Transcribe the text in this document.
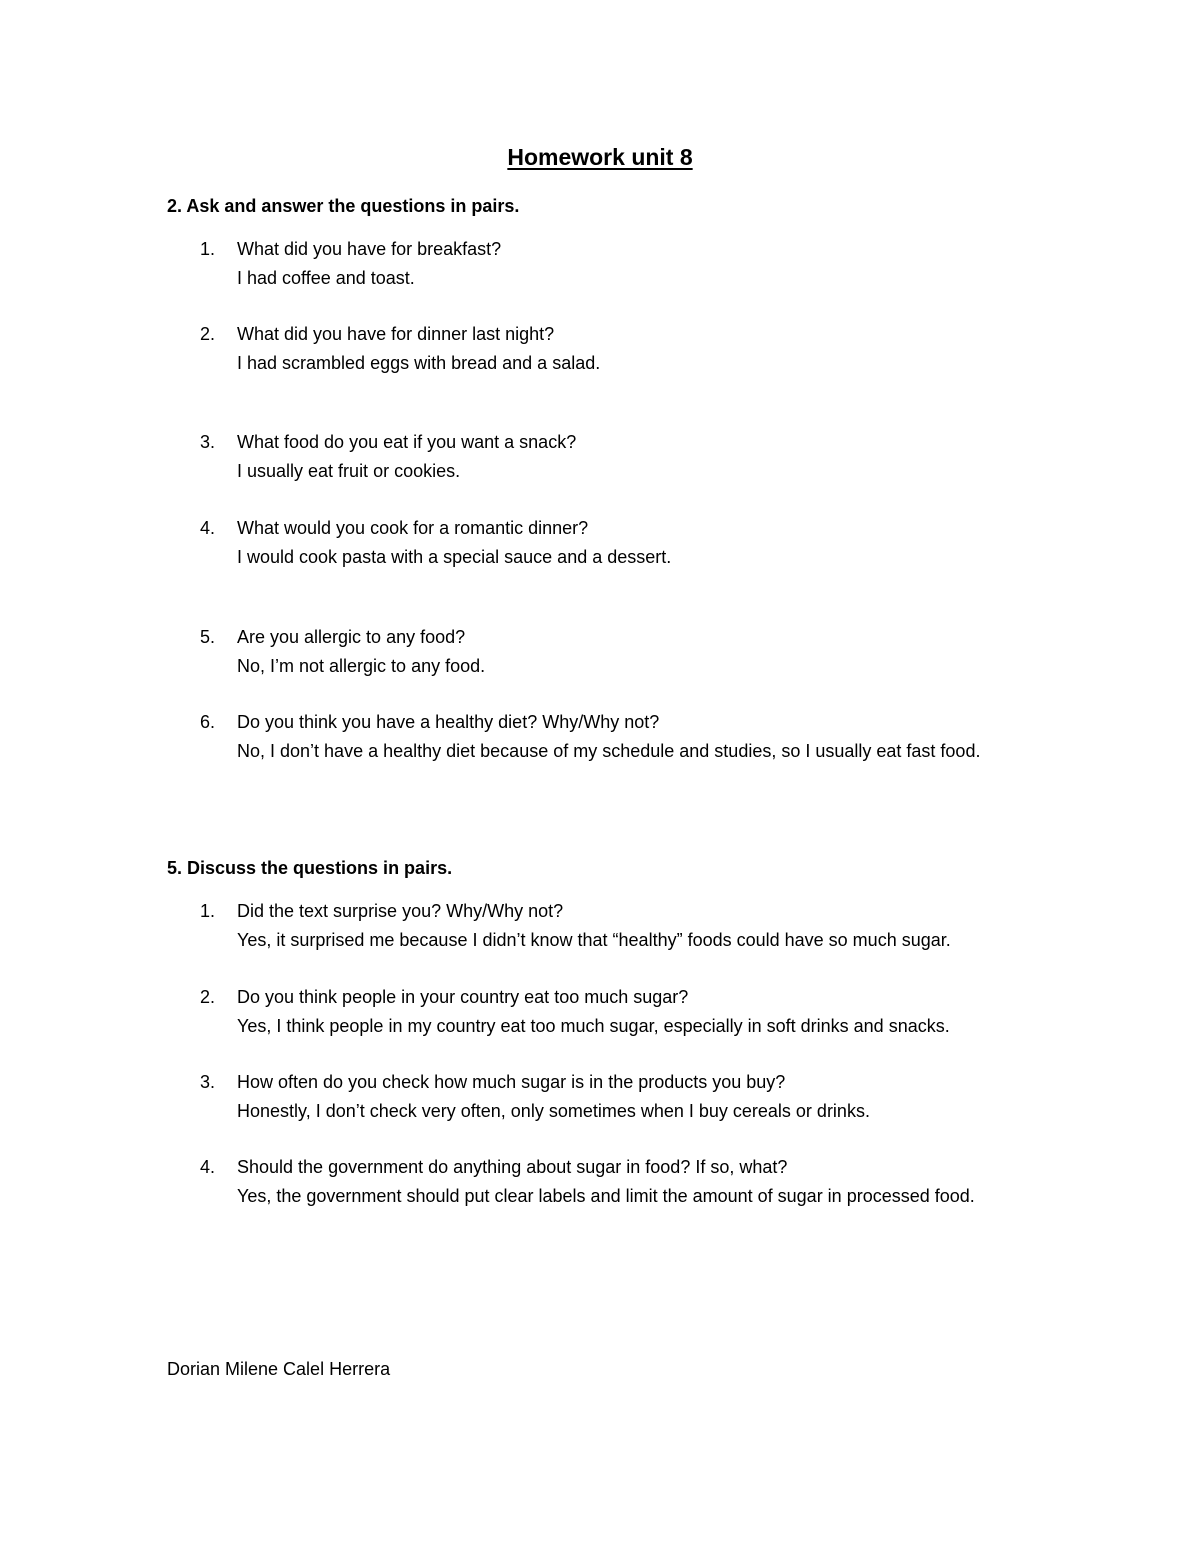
Homework unit 8
2. Ask and answer the questions in pairs.
1. What did you have for breakfast?
I had coffee and toast.
2. What did you have for dinner last night?
I had scrambled eggs with bread and a salad.
3. What food do you eat if you want a snack?
I usually eat fruit or cookies.
4. What would you cook for a romantic dinner?
I would cook pasta with a special sauce and a dessert.
5. Are you allergic to any food?
No, I’m not allergic to any food.
6. Do you think you have a healthy diet? Why/Why not?
No, I don’t have a healthy diet because of my schedule and studies, so I usually eat fast food.
5. Discuss the questions in pairs.
1. Did the text surprise you? Why/Why not?
Yes, it surprised me because I didn’t know that “healthy” foods could have so much sugar.
2. Do you think people in your country eat too much sugar?
Yes, I think people in my country eat too much sugar, especially in soft drinks and snacks.
3. How often do you check how much sugar is in the products you buy?
Honestly, I don’t check very often, only sometimes when I buy cereals or drinks.
4. Should the government do anything about sugar in food? If so, what?
Yes, the government should put clear labels and limit the amount of sugar in processed food.
Dorian Milene Calel Herrera
